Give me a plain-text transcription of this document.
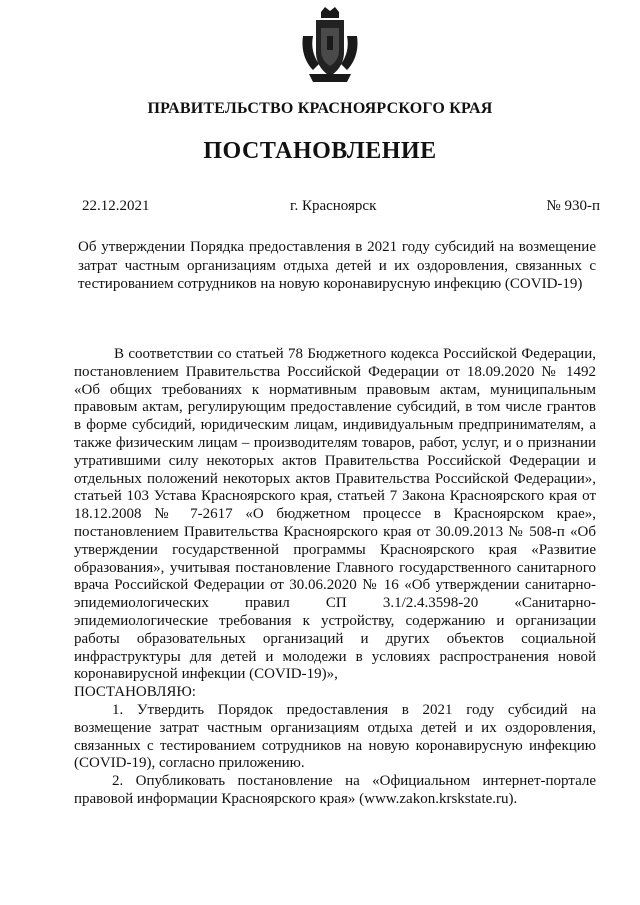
ПРАВИТЕЛЬСТВО КРАСНОЯРСКОГО КРАЯ
ПОСТАНОВЛЕНИЕ
22.12.2021	г. Красноярск	№ 930-п
Об утверждении Порядка предоставления в 2021 году субсидий на возмещение затрат частным организациям отдыха детей и их оздоровления, связанных с тестированием сотрудников на новую коронавирусную инфекцию (COVID-19)

В соответствии со статьей 78 Бюджетного кодекса Российской Федерации, постановлением Правительства Российской Федерации от 18.09.2020 № 1492 «Об общих требованиях к нормативным правовым актам, муниципальным правовым актам, регулирующим предоставление субсидий, в том числе грантов в форме субсидий, юридическим лицам, индивидуальным предпринимателям, а также физическим лицам – производителям товаров, работ, услуг, и о признании утратившими силу некоторых актов Правительства Российской Федерации и отдельных положений некоторых актов Правительства Российской Федерации», статьей 103 Устава Красноярского края, статьей 7 Закона Красноярского края от 18.12.2008 № 7-2617 «О бюджетном процессе в Красноярском крае», постановлением Правительства Красноярского края от 30.09.2013 № 508-п «Об утверждении государственной программы Красноярского края «Развитие образования», учитывая постановление Главного государственного санитарного врача Российской Федерации от 30.06.2020 № 16 «Об утверждении санитарно-эпидемиологических правил СП 3.1/2.4.3598-20 «Санитарно-эпидемиологические требования к устройству, содержанию и организации работы образовательных организаций и других объектов социальной инфраструктуры для детей и молодежи в условиях распространения новой коронавирусной инфекции (COVID-19)»,
ПОСТАНОВЛЯЮ:

1. Утвердить Порядок предоставления в 2021 году субсидий на возмещение затрат частным организациям отдыха детей и их оздоровления, связанных с тестированием сотрудников на новую коронавирусную инфекцию (COVID-19), согласно приложению.

2. Опубликовать постановление на «Официальном интернет-портале правовой информации Красноярского края» (www.zakon.krskstate.ru).
